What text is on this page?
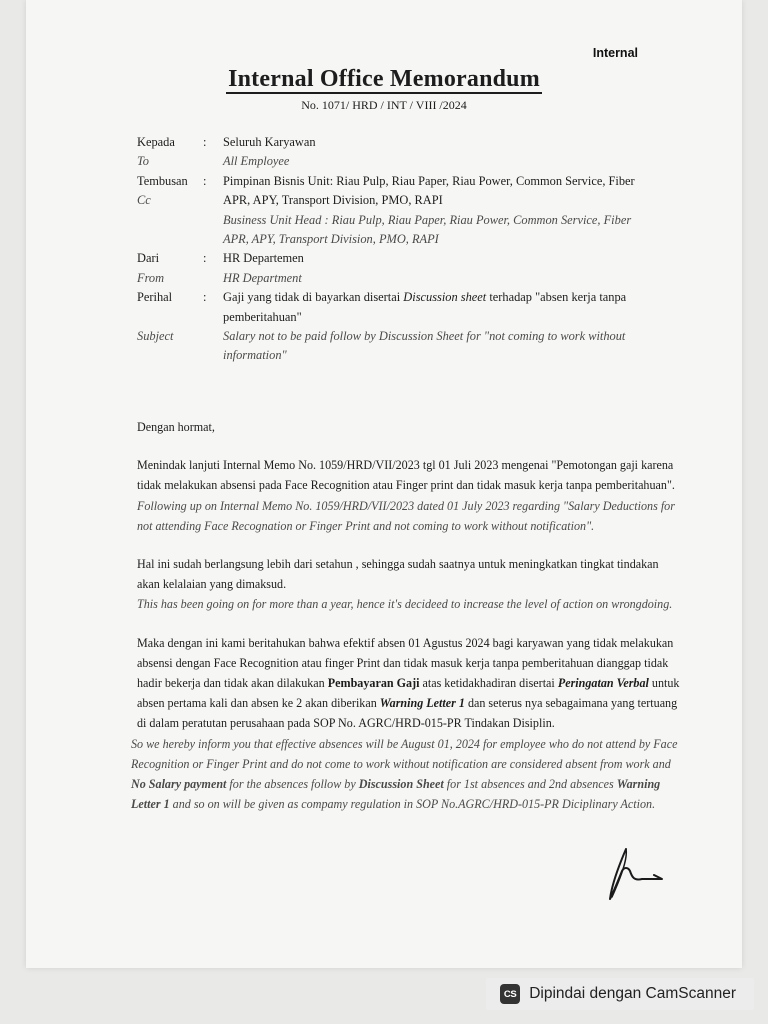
Internal
Internal Office Memorandum
No. 1071/ HRD / INT / VIII /2024
Kepada	:	Seluruh Karyawan
To	All Employee
Tembusan	:	Pimpinan Bisnis Unit: Riau Pulp, Riau Paper, Riau Power, Common Service, Fiber
Cc	APR, APY, Transport Division, PMO, RAPI
Business Unit Head : Riau Pulp, Riau Paper, Riau Power, Common Service, Fiber
APR, APY, Transport Division, PMO, RAPI
Dari	:	HR Departemen
From	HR Department
Perihal	:	Gaji yang tidak di bayarkan disertai Discussion sheet terhadap "absen kerja tanpa
pemberitahuan"
Subject	Salary not to be paid follow by Discussion Sheet for "not coming to work without
information"

Dengan hormat,

Menindak lanjuti Internal Memo No. 1059/HRD/VII/2023 tgl 01 Juli 2023 mengenai "Pemotongan gaji karena tidak melakukan absensi pada Face Recognition atau Finger print dan tidak masuk kerja tanpa pemberitahuan".

Following up on Internal Memo No. 1059/HRD/VII/2023 dated 01 July 2023 regarding "Salary Deductions for not attending Face Recognation or Finger Print and not coming to work without notification".

Hal ini sudah berlangsung lebih dari setahun , sehingga sudah saatnya untuk meningkatkan tingkat tindakan akan kelalaian yang dimaksud.

This has been going on for more than a year, hence it's decideed to increase the level of action on wrongdoing.

Maka dengan ini kami beritahukan bahwa efektif absen 01 Agustus 2024 bagi karyawan yang tidak melakukan absensi dengan Face Recognition atau finger Print dan tidak masuk kerja tanpa pemberitahuan dianggap tidak hadir bekerja dan tidak akan dilakukan Pembayaran Gaji atas ketidakhadiran disertai Peringatan Verbal untuk absen pertama kali dan absen ke 2 akan diberikan Warning Letter 1 dan seterus nya sebagaimana yang tertuang di dalam peratutan perusahaan pada SOP No. AGRC/HRD-015-PR Tindakan Disiplin.

So we hereby inform you that effective absences will be August 01, 2024 for employee who do not attend by Face Recognition or Finger Print and do not come to work without notification are considered absent from work and No Salary payment for the absences follow by Discussion Sheet for 1st absences and 2nd absences Warning Letter 1 and so on will be given as compamy regulation in SOP No.AGRC/HRD-015-PR Diciplinary Action.

CS Dipindai dengan CamScanner
